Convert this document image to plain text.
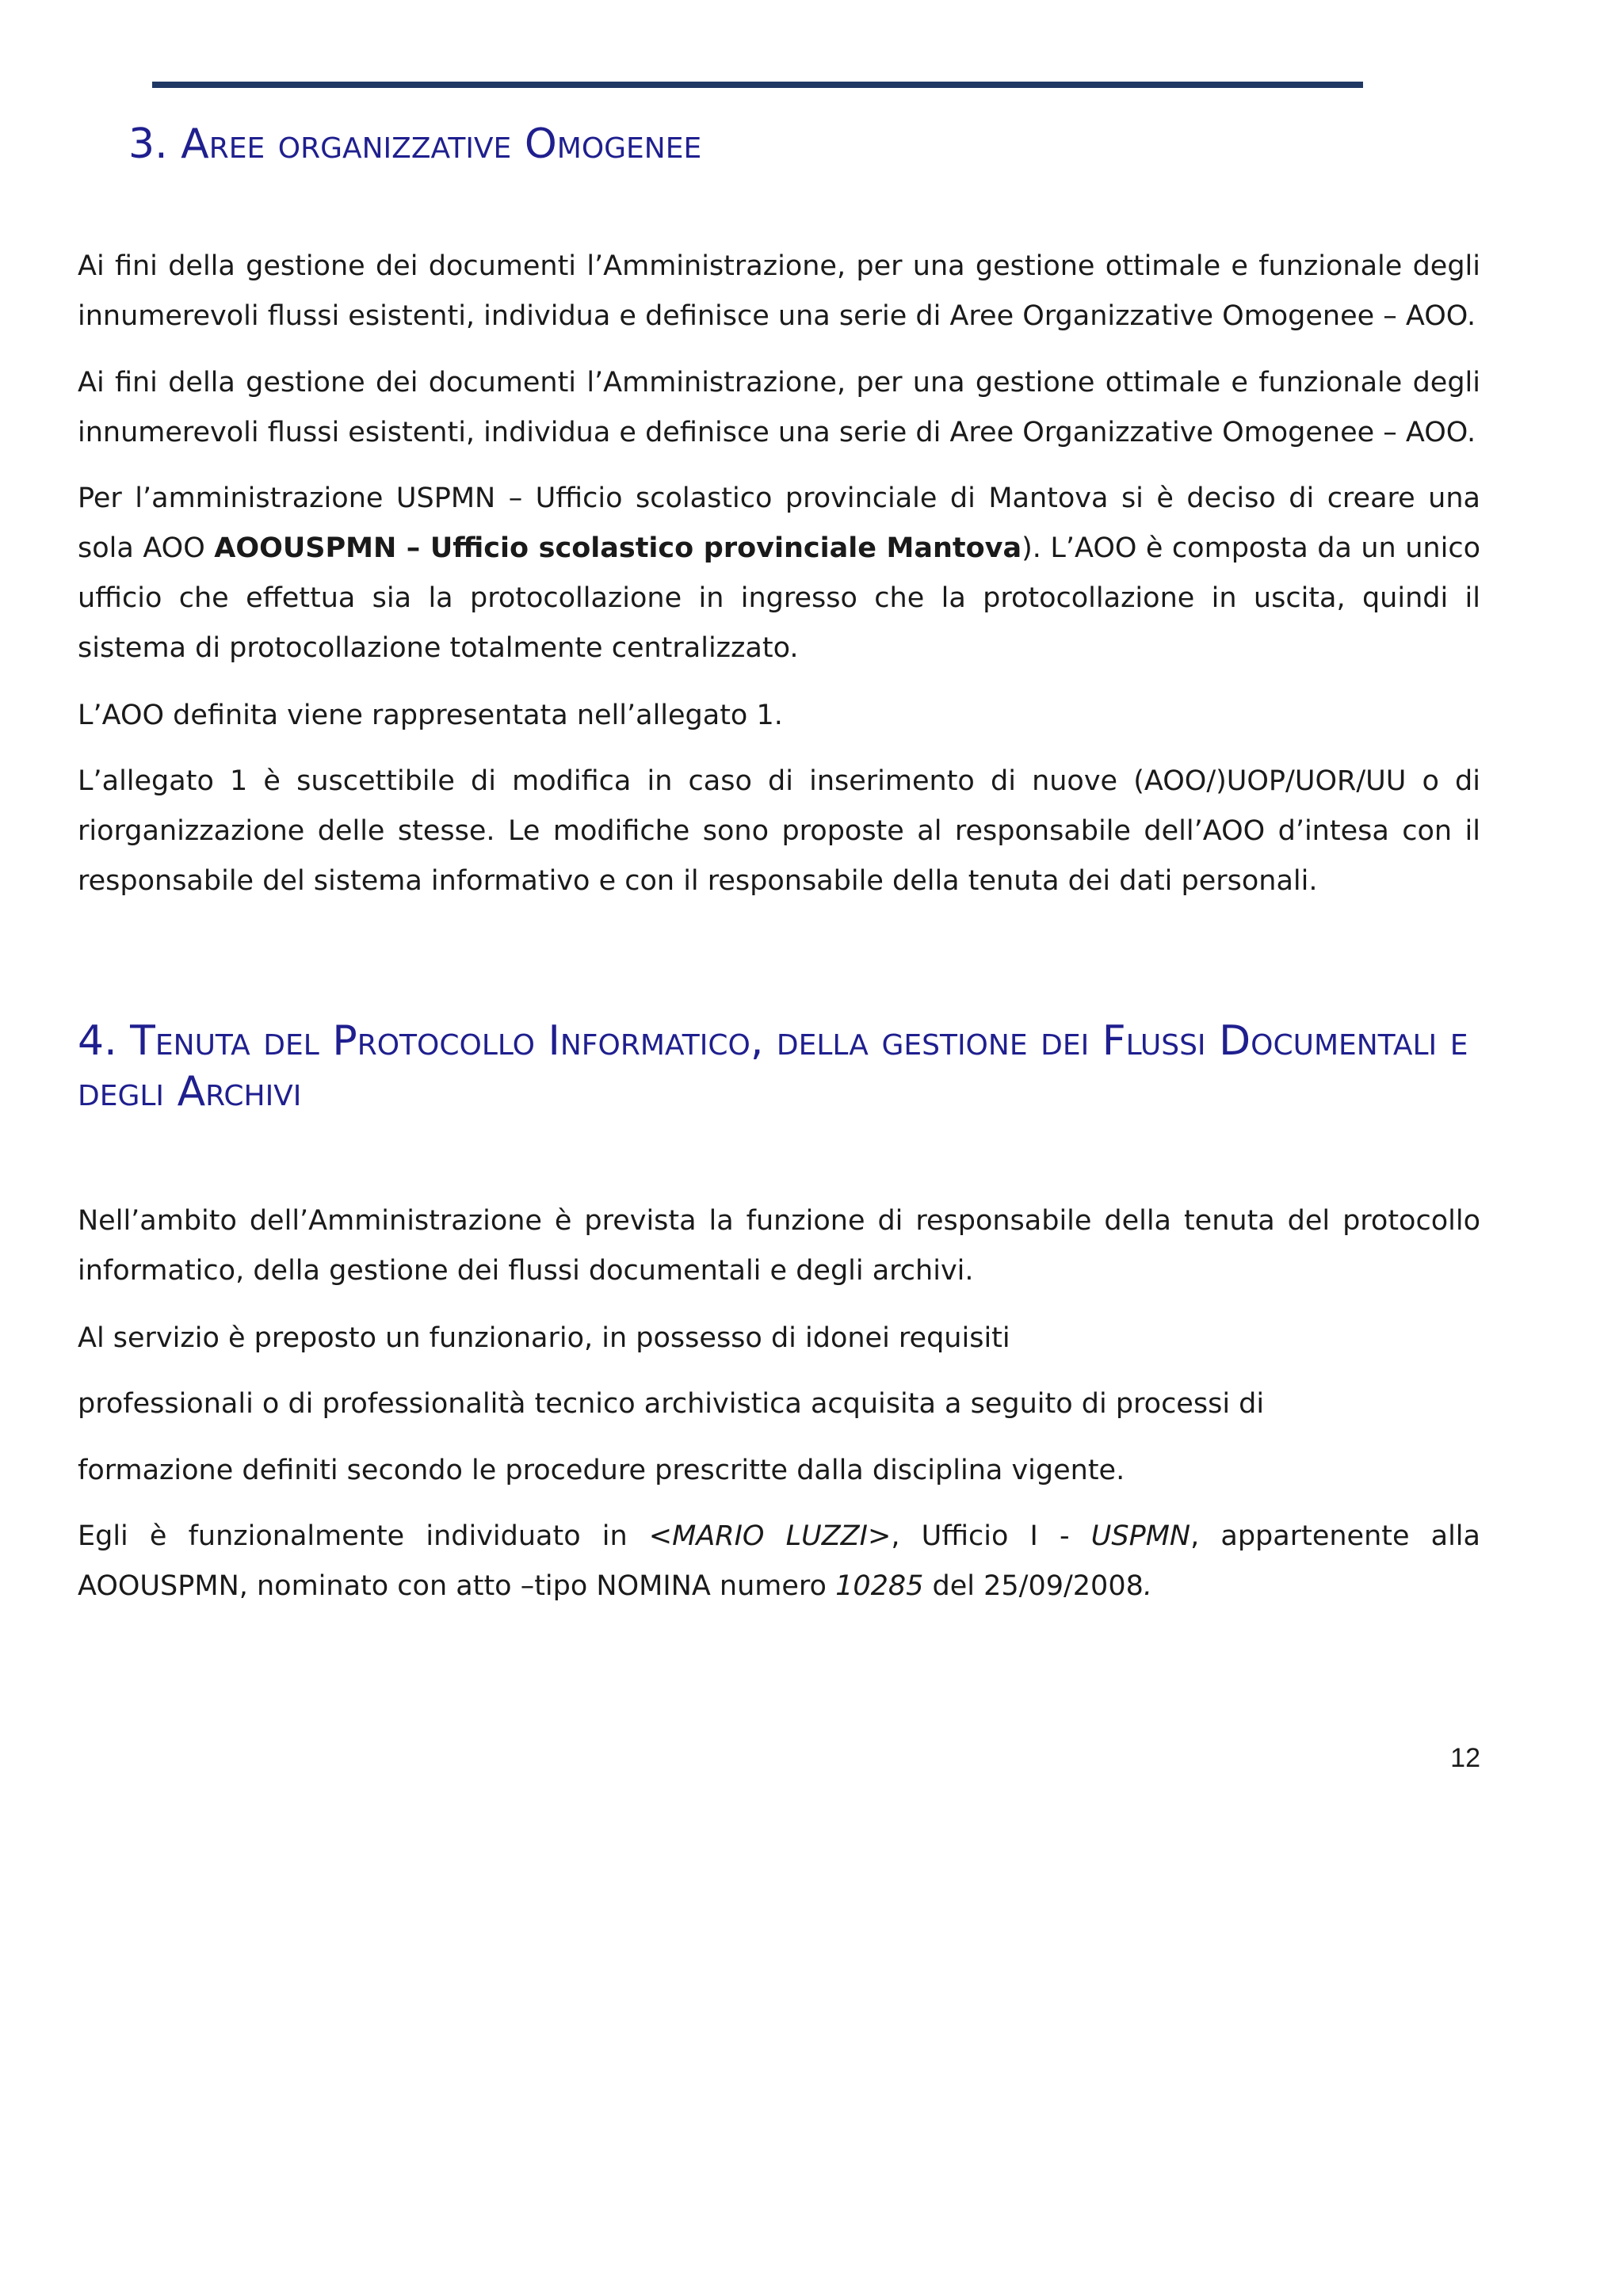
3. Aree organizzative Omogenee

Ai fini della gestione dei documenti l’Amministrazione, per una gestione ottimale e funzionale degli innumerevoli flussi esistenti, individua e definisce una serie di Aree Organizzative Omogenee – AOO.

Ai fini della gestione dei documenti l’Amministrazione, per una gestione ottimale e funzionale degli innumerevoli flussi esistenti, individua e definisce una serie di Aree Organizzative Omogenee – AOO.

Per l’amministrazione USPMN – Ufficio scolastico provinciale di Mantova si è deciso di creare una sola AOO AOOUSPMN – Ufficio scolastico provinciale Mantova). L’AOO è composta da un unico ufficio che effettua sia la protocollazione in ingresso che la protocollazione in uscita, quindi il sistema di protocollazione totalmente centralizzato.

L’AOO definita viene rappresentata nell’allegato 1.

L’allegato 1 è suscettibile di modifica in caso di inserimento di nuove (AOO/)UOP/UOR/UU o di riorganizzazione delle stesse. Le modifiche sono proposte al responsabile dell’AOO d’intesa con il responsabile del sistema informativo e con il responsabile della tenuta dei dati personali.

4. Tenuta del Protocollo Informatico, della gestione dei Flussi Documentali e degli Archivi

Nell’ambito dell’Amministrazione è prevista la funzione di responsabile della tenuta del protocollo informatico, della gestione dei flussi documentali e degli archivi.

Al servizio è preposto un funzionario, in possesso di idonei requisiti

professionali o di professionalità tecnico archivistica acquisita a seguito di processi di

formazione definiti secondo le procedure prescritte dalla disciplina vigente.

Egli è funzionalmente individuato in <MARIO LUZZI>, Ufficio I - USPMN, appartenente alla AOOUSPMN, nominato con atto –tipo NOMINA numero 10285 del 25/09/2008.

12
